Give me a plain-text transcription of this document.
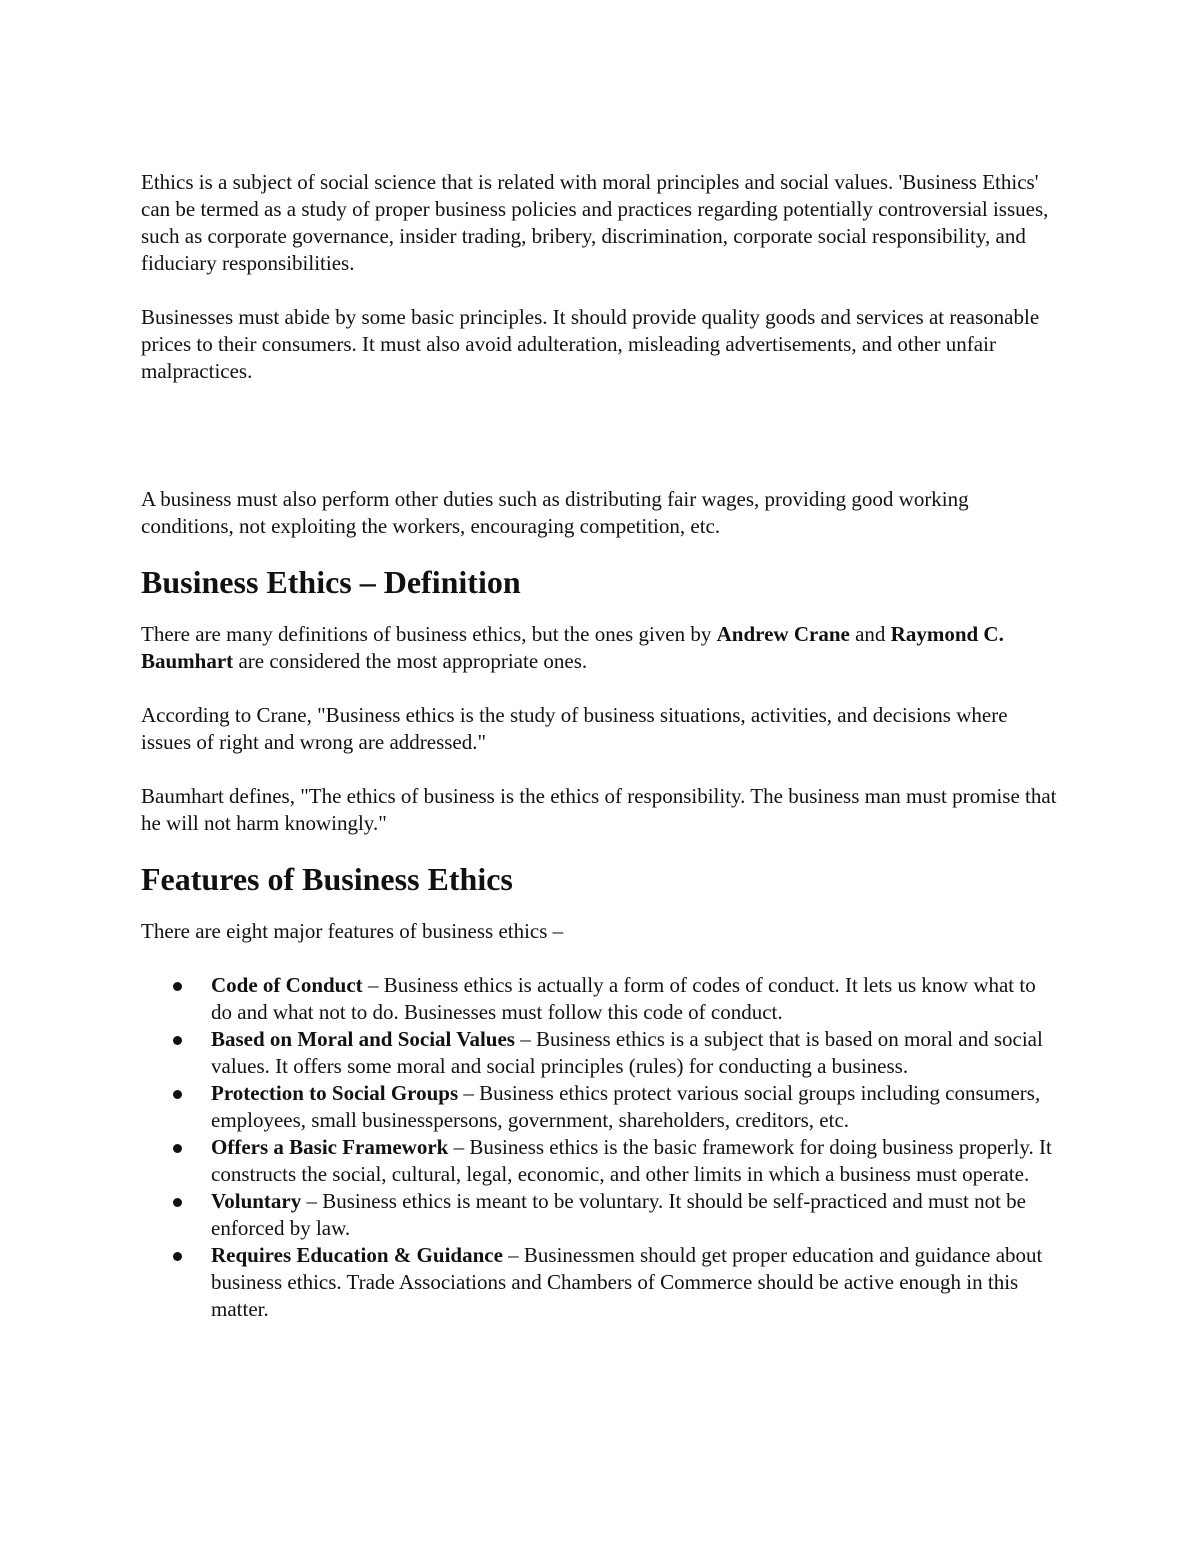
Ethics is a subject of social science that is related with moral principles and social values. 'Business Ethics' can be termed as a study of proper business policies and practices regarding potentially controversial issues, such as corporate governance, insider trading, bribery, discrimination, corporate social responsibility, and fiduciary responsibilities.

Businesses must abide by some basic principles. It should provide quality goods and services at reasonable prices to their consumers. It must also avoid adulteration, misleading advertisements, and other unfair malpractices.

A business must also perform other duties such as distributing fair wages, providing good working conditions, not exploiting the workers, encouraging competition, etc.

Business Ethics – Definition

There are many definitions of business ethics, but the ones given by Andrew Crane and Raymond C. Baumhart are considered the most appropriate ones.

According to Crane, "Business ethics is the study of business situations, activities, and decisions where issues of right and wrong are addressed."

Baumhart defines, "The ethics of business is the ethics of responsibility. The business man must promise that he will not harm knowingly."

Features of Business Ethics

There are eight major features of business ethics –

Code of Conduct – Business ethics is actually a form of codes of conduct. It lets us know what to do and what not to do. Businesses must follow this code of conduct.
Based on Moral and Social Values – Business ethics is a subject that is based on moral and social values. It offers some moral and social principles (rules) for conducting a business.
Protection to Social Groups – Business ethics protect various social groups including consumers, employees, small businesspersons, government, shareholders, creditors, etc.
Offers a Basic Framework – Business ethics is the basic framework for doing business properly. It constructs the social, cultural, legal, economic, and other limits in which a business must operate.
Voluntary – Business ethics is meant to be voluntary. It should be self-practiced and must not be enforced by law.
Requires Education & Guidance – Businessmen should get proper education and guidance about business ethics. Trade Associations and Chambers of Commerce should be active enough in this matter.
